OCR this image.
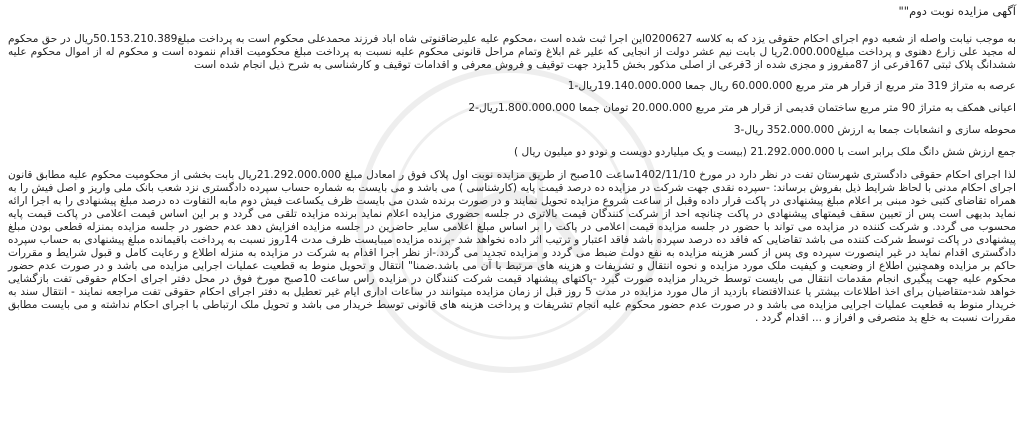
آگهی مزایده نوبت دوم""
به موجب نیابت واصله از شعبه دوم اجرای احکام حقوقی یزد که به کلاسه 0200627این اجرا ثبت شده است ،محکوم علیه علیرضاقنوتی شاه اباد فرزند محمدعلی محکوم است به پرداخت مبلغ50.153.210.389ریال در حق محکوم له مجید علی زارع دهنوی و پرداخت مبلغ2.000.000ریا ل بابت نیم عشر دولت از انجایی که علیر غم ابلاغ وتمام مراحل قانونی محکوم علیه نسبت به پرداخت مبلغ محکومیت اقدام ننموده است و محکوم له از اموال محکوم علیه ششدانگ پلاک ثبتی 167فرعی از 87مفروز و مجزی شده از 3فرعی از اصلی مذکور بخش 15یزد جهت توقیف و فروش معرفی و اقدامات توقیف و کارشناسی به شرح ذیل انجام شده است
عرصه به متراژ 319 متر مربع از قرار هر متر مربع 60.000.000 ریال جمعا 19.140.000.000ریال-1
اعیانی همکف به متراژ 90 متر مربع ساختمان قدیمی از قرار هر متر مربع 20.000.000 تومان جمعا 1.800.000.000ریال-2
محوطه سازی و انشعابات جمعا به ارزش 352.000.000 ریال-3
جمع ارزش شش دانگ ملک برابر است با 21.292.000.000 (بیست و یک میلیاردو دویست و نودو دو میلیون ریال )
لذا اجرای احکام حقوقی دادگستری شهرستان تفت در نظر دارد در مورخ 1402/11/10ساعت 10صبح از طریق مزایده نوبت اول پلاک فوق ر امعادل مبلغ 21.292.000.000ریال بابت بخشی از محکومیت محکوم علیه مطابق قانون اجرای احکام مدنی با لحاظ شرایط ذیل بفروش برساند: -سپرده نقدی جهت شرکت در مزایده ده درصد قیمت پایه (کارشناسی ) می باشد و می بایست به شماره حساب سپرده دادگستری نزد شعب بانک ملی واریز و اصل فیش را به همراه تقاضای کتبی خود مبنی بر اعلام مبلغ پیشنهادی در پاکت قرار داده وقبل از ساعت شروع مزایده تحویل نمایند و در صورت برنده شدن می بایست ظرف یکساعت فیش دوم مابه التفاوت ده درصد مبلغ پیشنهادی را به اجرا ارائه نماید بدیهی است پس از تعیین سقف قیمتهای پیشنهادی در پاکت چنانچه احد از شرکت کنندگان قیمت بالاتری در جلسه حضوری مزایده اعلام نماید برنده مزایده تلقی می گردد و بر این اساس قیمت اعلامی در پاکت قیمت پایه محسوب می گردد. و شرکت کننده در مزایده می تواند با حضور در جلسه مزایده قیمت اعلامی در پاکت را بر اساس مبلغ اعلامی سایر حاضرین در جلسه مزایده افزایش دهد عدم حضور در جلسه مزایده بمنزله قطعی بودن مبلغ پیشنهادی در پاکت توسط شرکت کننده می باشد تقاضایی که فاقد ده درصد سپرده باشد فاقد اعتبار و ترتیب اثر داده نخواهد شد -برنده مزایده میبایست ظرف مدت 14روز نسبت به پرداخت باقیمانده مبلغ پیشنهادی به حساب سپرده دادگستری اقدام نماید در غیر اینصورت سپرده وی پس از کسر هزینه مزایده به نفع دولت ضبط می گردد و مزایده تجدید می گردد.-از نظر اجرا اقدام به شرکت در مزایده به منزله اطلاع و رعایت کامل و قبول شرایط و مقررات حاکم بر مزایده وهمچنین اطلاع از وضعیت و کیفیت ملک مورد مزایده و نحوه انتقال و تشریفات و هزینه های مرتبط با آن می باشد.ضمنا" انتقال و تحویل منوط به قطعیت عملیات اجرایی مزایده می باشد و در صورت عدم حضور محکوم علیه جهت پیگیری انجام مقدمات انتقال می بایست توسط خریدار مزایده صورت گیرد -پاکتهای پیشنهاد قیمت شرکت کنندگان در مزایده راس ساعت 10صبح مورخ فوق در محل دفتر اجرای احکام حقوقی تفت بازگشایی خواهد شد-متقاضیان برای اخذ اطلاعات بیشتر یا عندالاقتضاء بازدید از مال مورد مزایده در مدت 5 روز قبل از زمان مزایده میتوانند در ساعات اداری ایام غیر تعطیل به دفتر اجرای احکام حقوقی تفت مراجعه نمایند - انتقال سند به خریدار منوط به قطعیت عملیات اجرایی مزایده می باشد و در صورت عدم حضور محکوم علیه انجام تشریفات و پرداخت هزینه های قانونی توسط خریدار می باشد و تحویل ملک ارتباطی با اجرای احکام نداشته و می بایست مطابق مقررات نسبت به خلع ید متصرفی و افراز و ... اقدام گردد .
